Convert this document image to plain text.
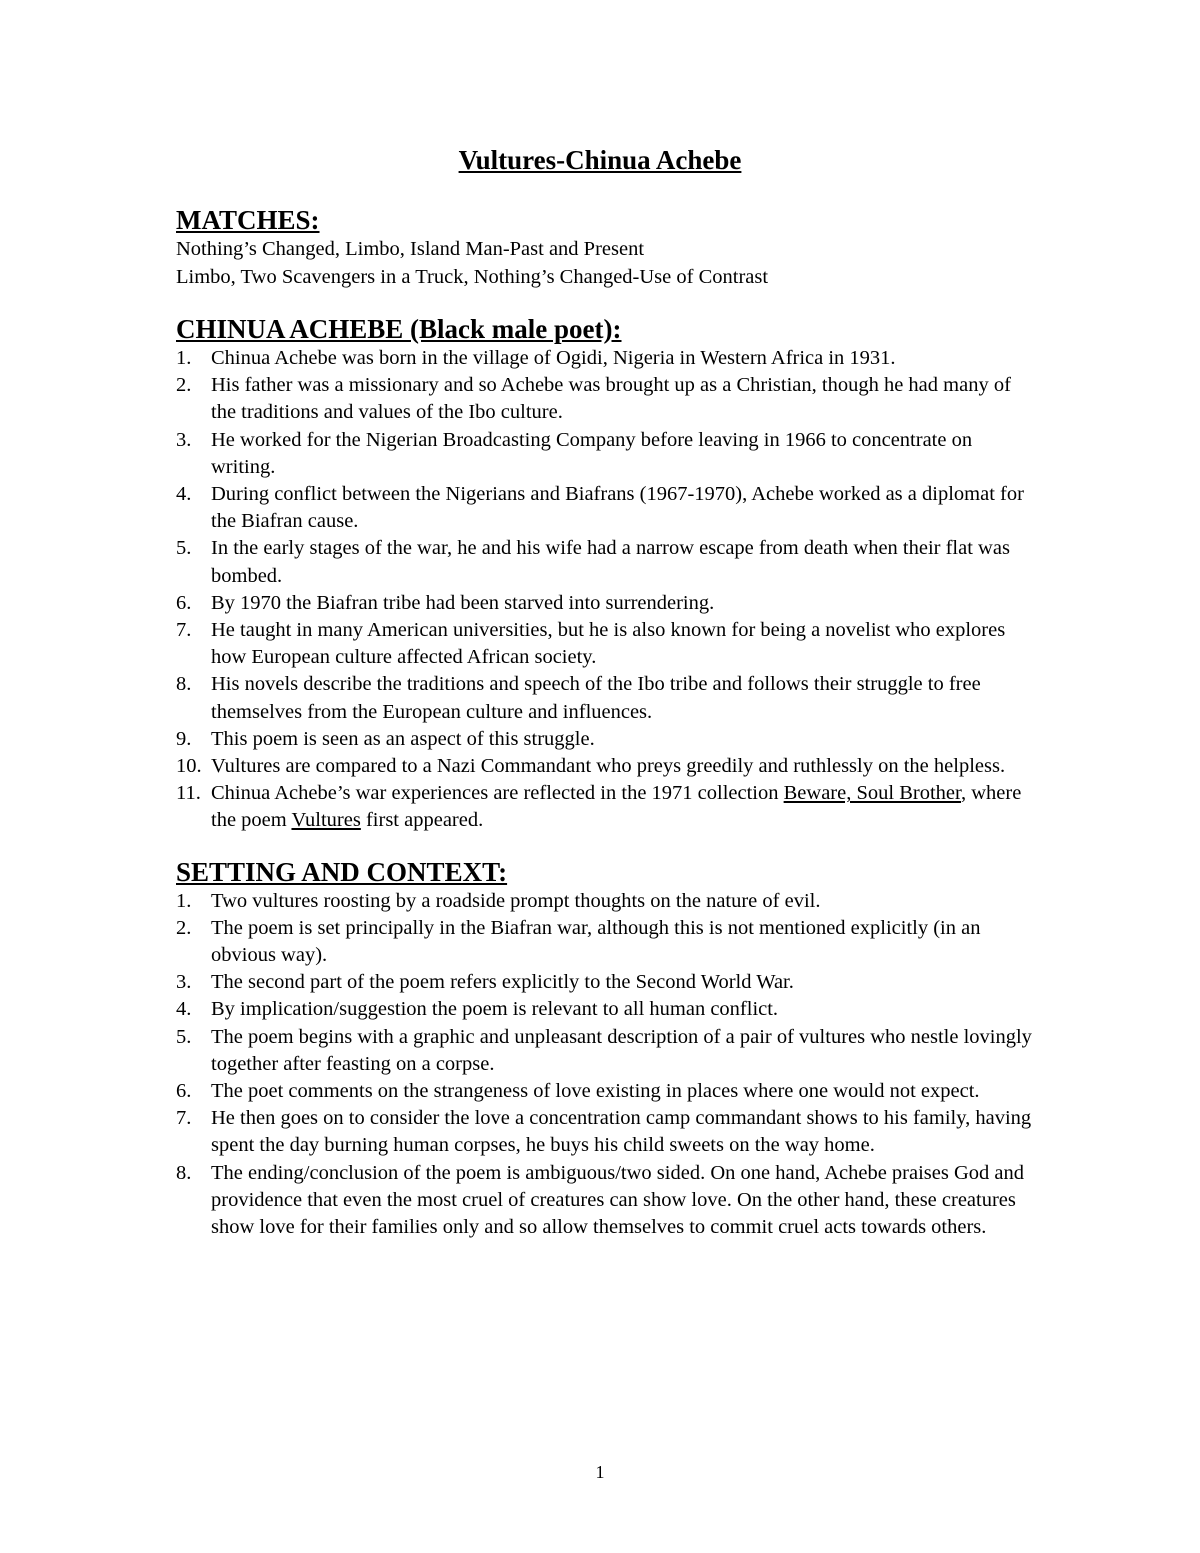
Vultures-Chinua Achebe
MATCHES:

Nothing’s Changed, Limbo, Island Man-Past and Present

Limbo, Two Scavengers in a Truck, Nothing’s Changed-Use of Contrast

CHINUA ACHEBE (Black male poet):
1. Chinua Achebe was born in the village of Ogidi, Nigeria in Western Africa in 1931.
2. His father was a missionary and so Achebe was brought up as a Christian, though he had many of the traditions and values of the Ibo culture.
3. He worked for the Nigerian Broadcasting Company before leaving in 1966 to concentrate on writing.
4. During conflict between the Nigerians and Biafrans (1967-1970), Achebe worked as a diplomat for the Biafran cause.
5. In the early stages of the war, he and his wife had a narrow escape from death when their flat was bombed.
6. By 1970 the Biafran tribe had been starved into surrendering.
7. He taught in many American universities, but he is also known for being a novelist who explores how European culture affected African society.
8. His novels describe the traditions and speech of the Ibo tribe and follows their struggle to free themselves from the European culture and influences.
9. This poem is seen as an aspect of this struggle.
10. Vultures are compared to a Nazi Commandant who preys greedily and ruthlessly on the helpless.
11. Chinua Achebe’s war experiences are reflected in the 1971 collection Beware, Soul Brother, where the poem Vultures first appeared.
SETTING AND CONTEXT:
1. Two vultures roosting by a roadside prompt thoughts on the nature of evil.
2. The poem is set principally in the Biafran war, although this is not mentioned explicitly (in an obvious way).
3. The second part of the poem refers explicitly to the Second World War.
4. By implication/suggestion the poem is relevant to all human conflict.
5. The poem begins with a graphic and unpleasant description of a pair of vultures who nestle lovingly together after feasting on a corpse.
6. The poet comments on the strangeness of love existing in places where one would not expect.
7. He then goes on to consider the love a concentration camp commandant shows to his family, having spent the day burning human corpses, he buys his child sweets on the way home.
8. The ending/conclusion of the poem is ambiguous/two sided. On one hand, Achebe praises God and providence that even the most cruel of creatures can show love. On the other hand, these creatures show love for their families only and so allow themselves to commit cruel acts towards others.
1
